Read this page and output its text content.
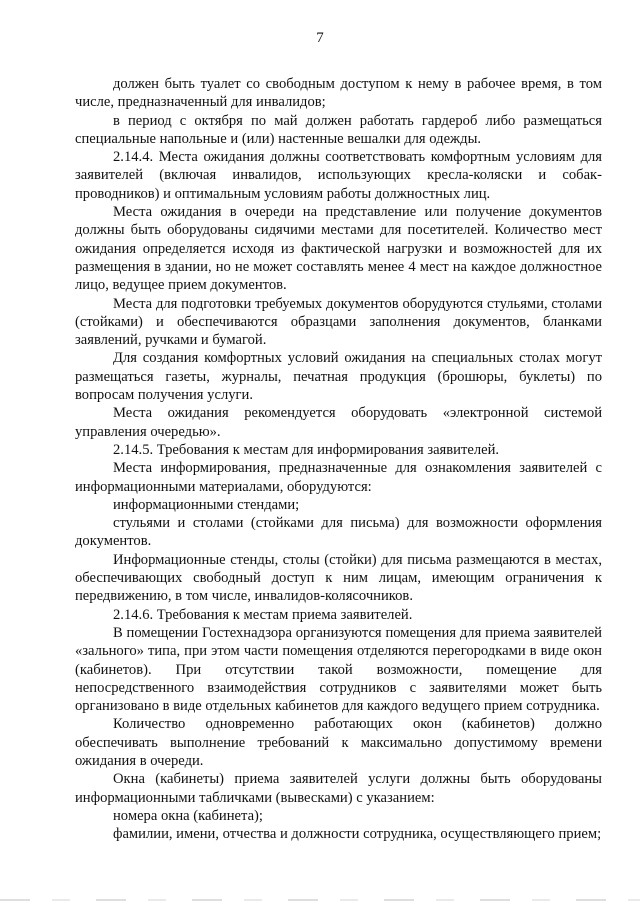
7

должен быть туалет со свободным доступом к нему в рабочее время, в том числе, предназначенный для инвалидов;

в период с октября по май должен работать гардероб либо размещаться специальные напольные и (или) настенные вешалки для одежды.

2.14.4. Места ожидания должны соответствовать комфортным условиям для заявителей (включая инвалидов, использующих кресла-коляски и собак-проводников) и оптимальным условиям работы должностных лиц.

Места ожидания в очереди на представление или получение документов должны быть оборудованы сидячими местами для посетителей. Количество мест ожидания определяется исходя из фактической нагрузки и возможностей для их размещения в здании, но не может составлять менее 4 мест на каждое должностное лицо, ведущее прием документов.

Места для подготовки требуемых документов оборудуются стульями, столами (стойками) и обеспечиваются образцами заполнения документов, бланками заявлений, ручками и бумагой.

Для создания комфортных условий ожидания на специальных столах могут размещаться газеты, журналы, печатная продукция (брошюры, буклеты) по вопросам получения услуги.

Места ожидания рекомендуется оборудовать «электронной системой управления очередью».

2.14.5. Требования к местам для информирования заявителей.

Места информирования, предназначенные для ознакомления заявителей с информационными материалами, оборудуются:

информационными стендами;

стульями и столами (стойками для письма) для возможности оформления документов.

Информационные стенды, столы (стойки) для письма размещаются в местах, обеспечивающих свободный доступ к ним лицам, имеющим ограничения к передвижению, в том числе, инвалидов-колясочников.

2.14.6. Требования к местам приема заявителей.

В помещении Гостехнадзора организуются помещения для приема заявителей «зального» типа, при этом части помещения отделяются перегородками в виде окон (кабинетов). При отсутствии такой возможности, помещение для непосредственного взаимодействия сотрудников с заявителями может быть организовано в виде отдельных кабинетов для каждого ведущего прием сотрудника.

Количество одновременно работающих окон (кабинетов) должно обеспечивать выполнение требований к максимально допустимому времени ожидания в очереди.

Окна (кабинеты) приема заявителей услуги должны быть оборудованы информационными табличками (вывесками) с указанием:

номера окна (кабинета);

фамилии, имени, отчества и должности сотрудника, осуществляющего прием;
